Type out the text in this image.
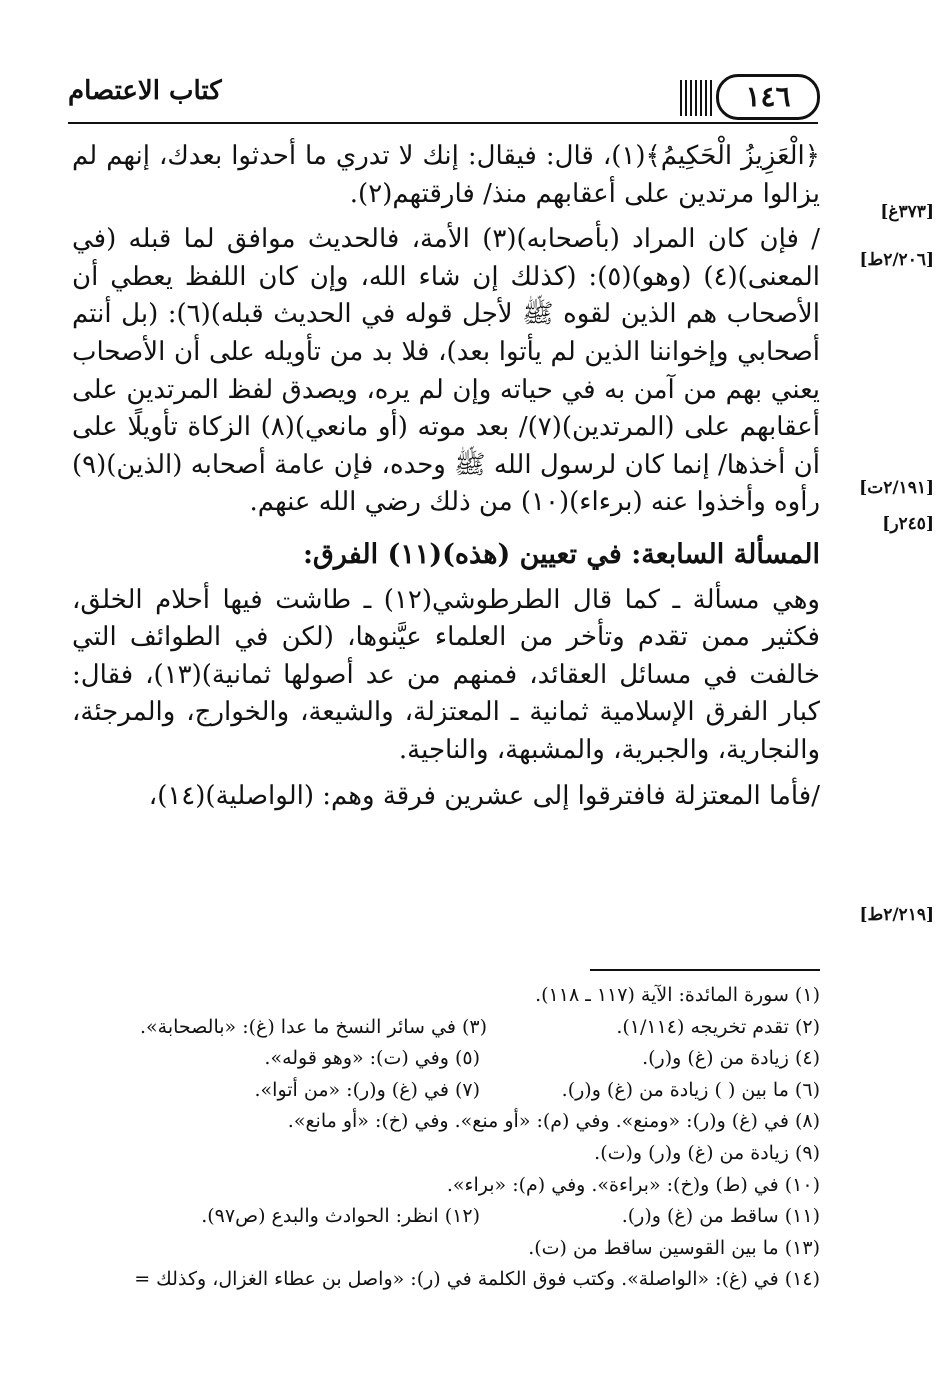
كتاب الاعتصام	١٤٦
[٣٧٣غ]
[٢/٢٠٦ط]
[٢/١٩١ت]
[٢٤٥ر]
[٢/٢١٩ط]

﴿الْعَزِيزُ الْحَكِيمُ﴾(١)، قال: فيقال: إنك لا تدري ما أحدثوا بعدك، إنهم لم يزالوا مرتدين على أعقابهم منذ/ فارقتهم(٢).

/ فإن كان المراد (بأصحابه)(٣) الأمة، فالحديث موافق لما قبله (في المعنى)(٤) (وهو)(٥): (كذلك إن شاء الله، وإن كان اللفظ يعطي أن الأصحاب هم الذين لقوه ﷺ لأجل قوله في الحديث قبله)(٦): (بل أنتم أصحابي وإخواننا الذين لم يأتوا بعد)، فلا بد من تأويله على أن الأصحاب يعني بهم من آمن به في حياته وإن لم يره، ويصدق لفظ المرتدين على أعقابهم على (المرتدين)(٧)/ بعد موته (أو مانعي)(٨) الزكاة تأويلًا على أن أخذها/ إنما كان لرسول الله ﷺ وحده، فإن عامة أصحابه (الذين)(٩) رأوه وأخذوا عنه (برءاء)(١٠) من ذلك رضي الله عنهم.

المسألة السابعة: في تعيين (هذه)(١١) الفرق:

وهي مسألة ـ كما قال الطرطوشي(١٢) ـ طاشت فيها أحلام الخلق، فكثير ممن تقدم وتأخر من العلماء عيَّنوها، (لكن في الطوائف التي خالفت في مسائل العقائد، فمنهم من عد أصولها ثمانية)(١٣)، فقال: كبار الفرق الإسلامية ثمانية ـ المعتزلة، والشيعة، والخوارج، والمرجئة، والنجارية، والجبرية، والمشبهة، والناجية.

/فأما المعتزلة فافترقوا إلى عشرين فرقة وهم: (الواصلية)(١٤)،

(١) سورة المائدة: الآية (١١٧ ـ ١١٨).
(٢) تقدم تخريجه (١/١١٤).
(٣) في سائر النسخ ما عدا (غ): «بالصحابة».
(٤) زيادة من (غ) و(ر).
(٥) وفي (ت): «وهو قوله».
(٦) ما بين ( ) زيادة من (غ) و(ر).
(٧) في (غ) و(ر): «من أتوا».
(٨) في (غ) و(ر): «ومنع». وفي (م): «أو منع». وفي (خ): «أو مانع».
(٩) زيادة من (غ) و(ر) و(ت).
(١٠) في (ط) و(خ): «براءة». وفي (م): «براء».
(١١) ساقط من (غ) و(ر).
(١٢) انظر: الحوادث والبدع (ص٩٧).
(١٣) ما بين القوسين ساقط من (ت).
(١٤) في (غ): «الواصلة». وكتب فوق الكلمة في (ر): «واصل بن عطاء الغزال، وكذلك =
